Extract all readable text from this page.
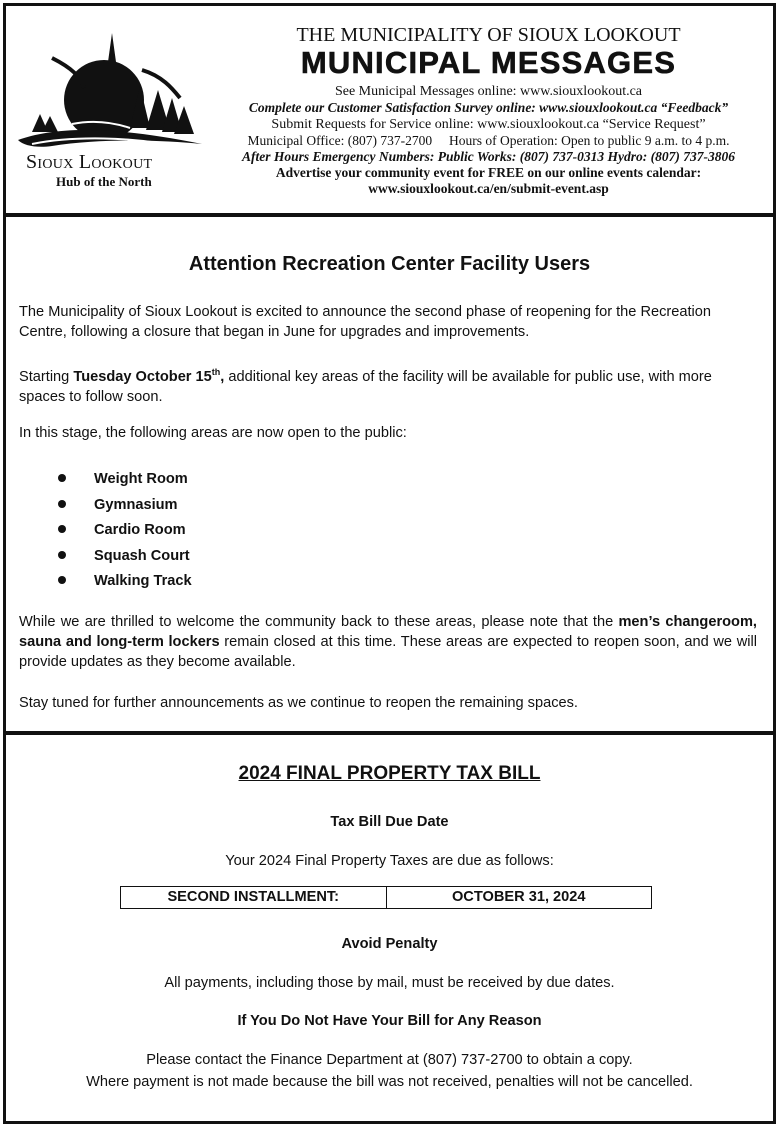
Sioux Lookout
Hub of the North
THE MUNICIPALITY OF SIOUX LOOKOUT
MUNICIPAL MESSAGES
See Municipal Messages online: www.siouxlookout.ca
Complete our Customer Satisfaction Survey online: www.siouxlookout.ca “Feedback”
Submit Requests for Service online: www.siouxlookout.ca “Service Request”
Municipal Office: (807) 737-2700 Hours of Operation: Open to public 9 a.m. to 4 p.m.
After Hours Emergency Numbers: Public Works: (807) 737-0313 Hydro: (807) 737-3806
Advertise your community event for FREE on our online events calendar:
www.siouxlookout.ca/en/submit-event.asp
Attention Recreation Center Facility Users
The Municipality of Sioux Lookout is excited to announce the second phase of reopening for the Recreation Centre, following a closure that began in June for upgrades and improvements.
Starting Tuesday October 15th, additional key areas of the facility will be available for public use, with more spaces to follow soon.
In this stage, the following areas are now open to the public:
Weight Room
Gymnasium
Cardio Room
Squash Court
Walking Track
While we are thrilled to welcome the community back to these areas, please note that the men’s changeroom, sauna and long-term lockers remain closed at this time. These areas are expected to reopen soon, and we will provide updates as they become available.
Stay tuned for further announcements as we continue to reopen the remaining spaces.
2024 FINAL PROPERTY TAX BILL
Tax Bill Due Date
Your 2024 Final Property Taxes are due as follows:
SECOND INSTALLMENT:	OCTOBER 31, 2024
Avoid Penalty
All payments, including those by mail, must be received by due dates.
If You Do Not Have Your Bill for Any Reason
Please contact the Finance Department at (807) 737-2700 to obtain a copy.
Where payment is not made because the bill was not received, penalties will not be cancelled.
